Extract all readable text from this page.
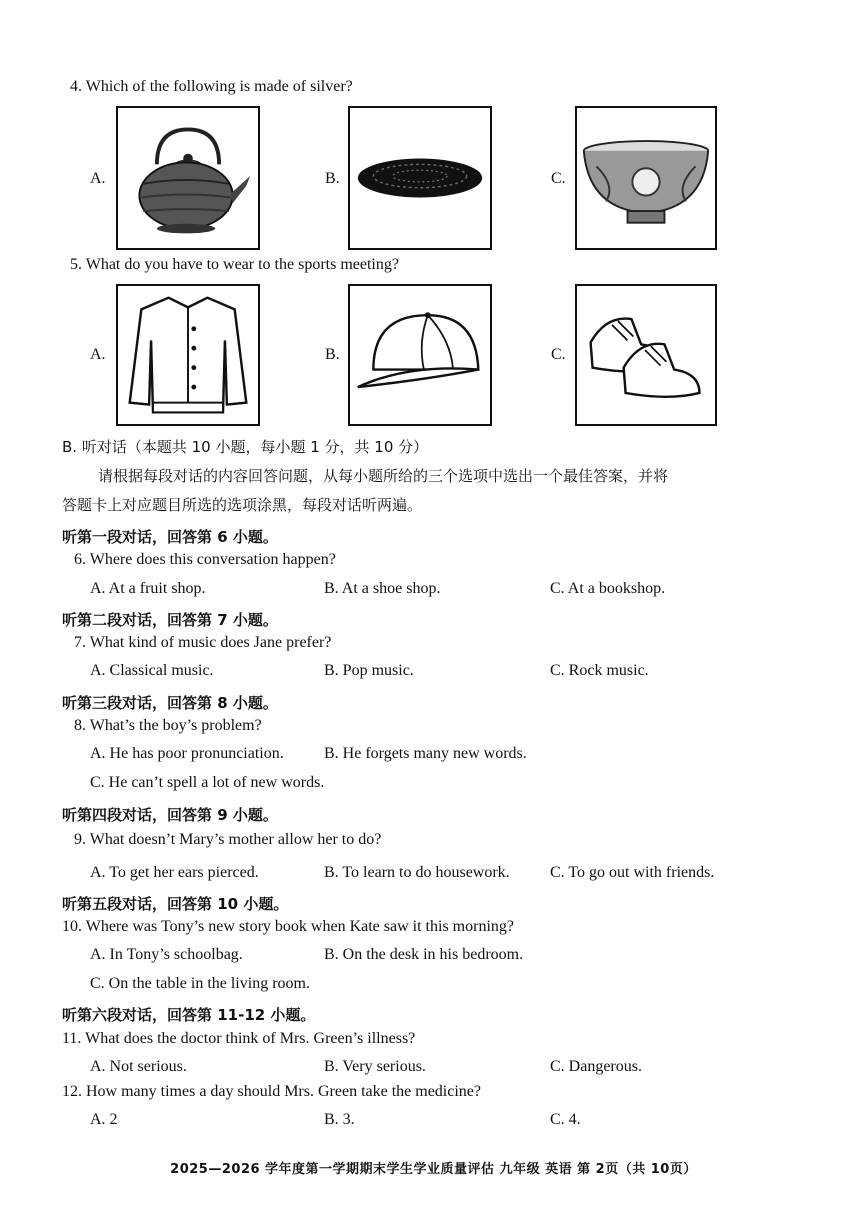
4. Which of the following is made of silver?
A.	B.	C.
5. What do you have to wear to the sports meeting?
A.	B.	C.
B. 听对话（本题共 10 小题，每小题 1 分，共 10 分）
请根据每段对话的内容回答问题，从每小题所给的三个选项中选出一个最佳答案，并将
答题卡上对应题目所选的选项涂黑，每段对话听两遍。
听第一段对话，回答第 6 小题。
6. Where does this conversation happen?
A. At a fruit shop.	B. At a shoe shop.	C. At a bookshop.
听第二段对话，回答第 7 小题。
7. What kind of music does Jane prefer?
A. Classical music.	B. Pop music.	C. Rock music.
听第三段对话，回答第 8 小题。
8. What’s the boy’s problem?
A. He has poor pronunciation.	B. He forgets many new words.
C. He can’t spell a lot of new words.
听第四段对话，回答第 9 小题。
9. What doesn’t Mary’s mother allow her to do?
A. To get her ears pierced.	B. To learn to do housework.	C. To go out with friends.
听第五段对话，回答第 10 小题。
10. Where was Tony’s new story book when Kate saw it this morning?
A. In Tony’s schoolbag.	B. On the desk in his bedroom.
C. On the table in the living room.
听第六段对话，回答第 11-12 小题。
11. What does the doctor think of Mrs. Green’s illness?
A. Not serious.	B. Very serious.	C. Dangerous.
12. How many times a day should Mrs. Green take the medicine?
A. 2	B. 3.	C. 4.
2025—2026 学年度第一学期期末学生学业质量评估 九年级 英语 第 2页（共 10页）
